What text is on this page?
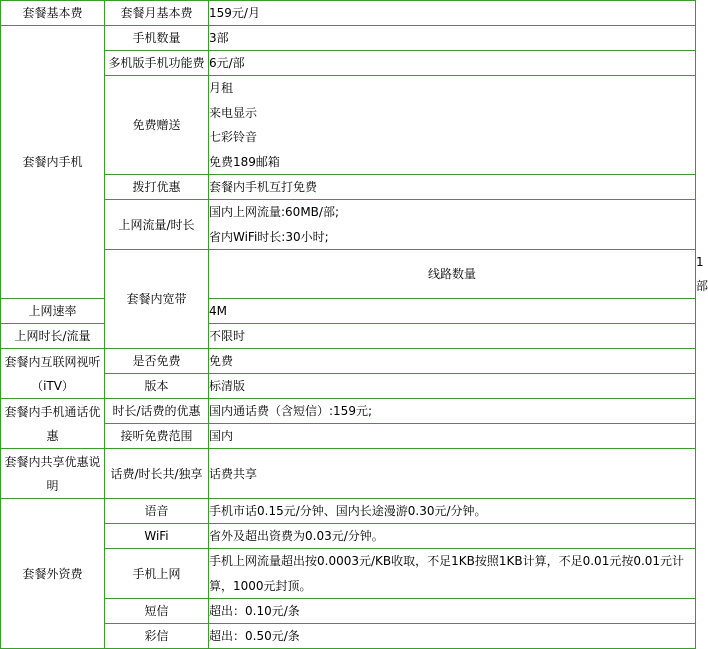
套餐基本费	套餐月基本费	159元/月	
套餐内手机	手机数量	3部	
	多机版手机功能费	6元/部	
	免费赠送	月租
来电显示
七彩铃音
免费189邮箱	

	拨打优惠	套餐内手机互打免费	
	上网流量/时长	国内上网流量:60MB/部;
省内WiFi时长:30小时;	

	套餐内宽带	线路数量	1部
上网速率		4M	
上网时长/流量		不限时	

套餐内互联网视听
（iTV）	是否免费	免费	
	版本	标清版	

套餐内手机通话优
惠	时长/话费的优惠	国内通话费（含短信）:159元;	
	接听免费范围	国内	

套餐内共享优惠说
明	话费/时长共/独享	话费共享	
套餐外资费	语音	手机市话0.15元/分钟、国内长途漫游0.30元/分钟。	
	WiFi	省外及超出资费为0.03元/分钟。	
	手机上网	手机上网流量超出按0.0003元/KB收取，不足1KB按照1KB计算，不足0.01元按0.01元计
算，1000元封顶。	

	短信	超出：0.10元/条	
	彩信	超出：0.50元/条	
